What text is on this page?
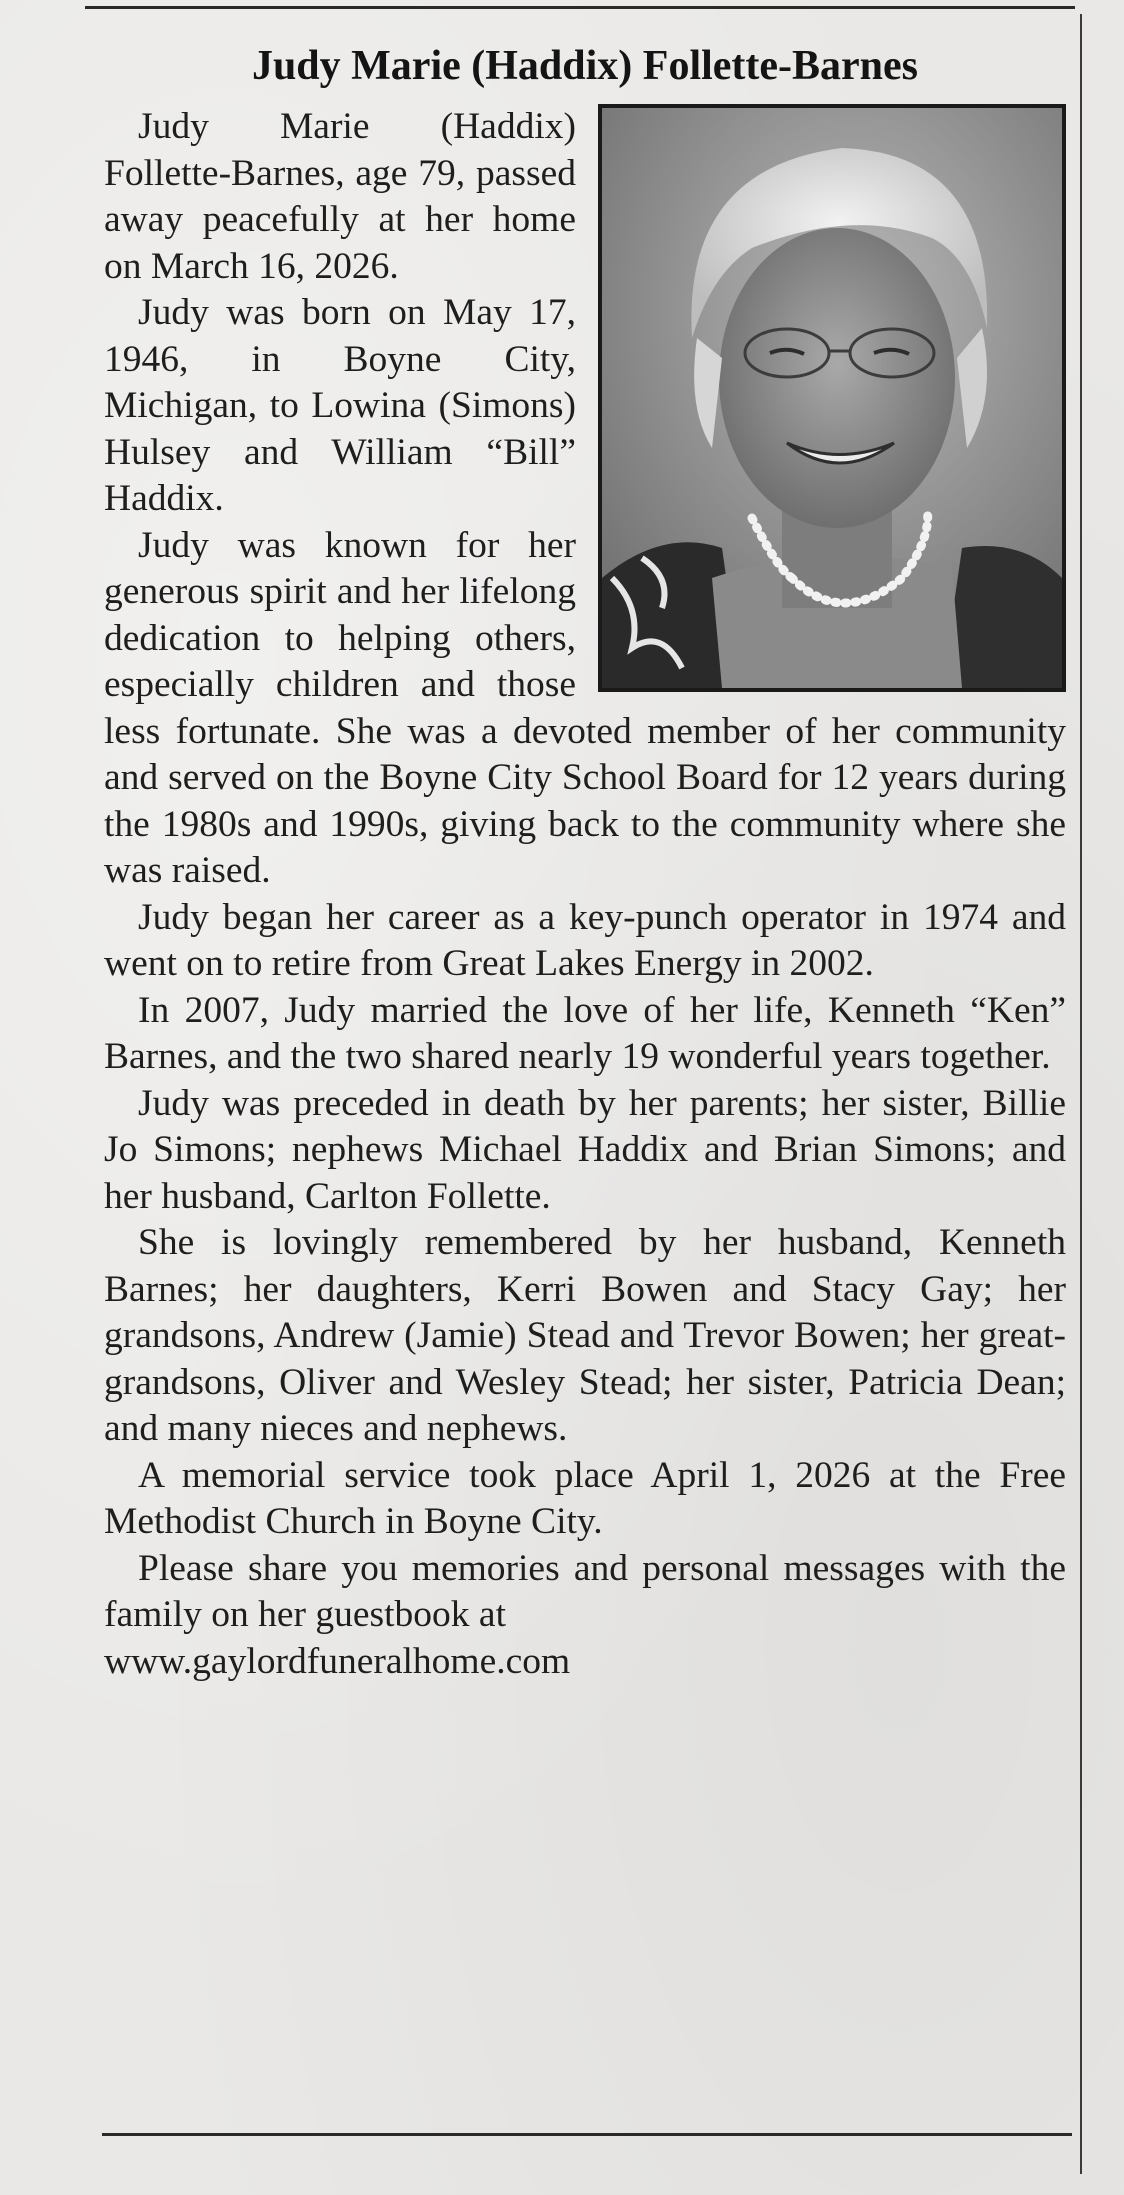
Judy Marie (Haddix) Follette-Barnes

Judy Marie (Haddix) Follette-Barnes, age 79, passed away peacefully at her home on March 16, 2026.

Judy was born on May 17, 1946, in Boyne City, Michigan, to Lowina (Simons) Hulsey and William “Bill” Haddix.

Judy was known for her generous spirit and her lifelong dedication to helping others, especially children and those less fortunate. She was a devoted member of her community and served on the Boyne City School Board for 12 years during the 1980s and 1990s, giving back to the community where she was raised.

Judy began her career as a key-punch operator in 1974 and went on to retire from Great Lakes Energy in 2002.

In 2007, Judy married the love of her life, Kenneth “Ken” Barnes, and the two shared nearly 19 wonderful years together.

Judy was preceded in death by her parents; her sister, Billie Jo Simons; nephews Michael Haddix and Brian Simons; and her husband, Carlton Follette.

She is lovingly remembered by her husband, Kenneth Barnes; her daughters, Kerri Bowen and Stacy Gay; her grandsons, Andrew (Jamie) Stead and Trevor Bowen; her great-grandsons, Oliver and Wesley Stead; her sister, Patricia Dean; and many nieces and nephews.

A memorial service took place April 1, 2026 at the Free Methodist Church in Boyne City.

Please share you memories and personal messages with the family on her guestbook at

www.gaylordfuneralhome.com
